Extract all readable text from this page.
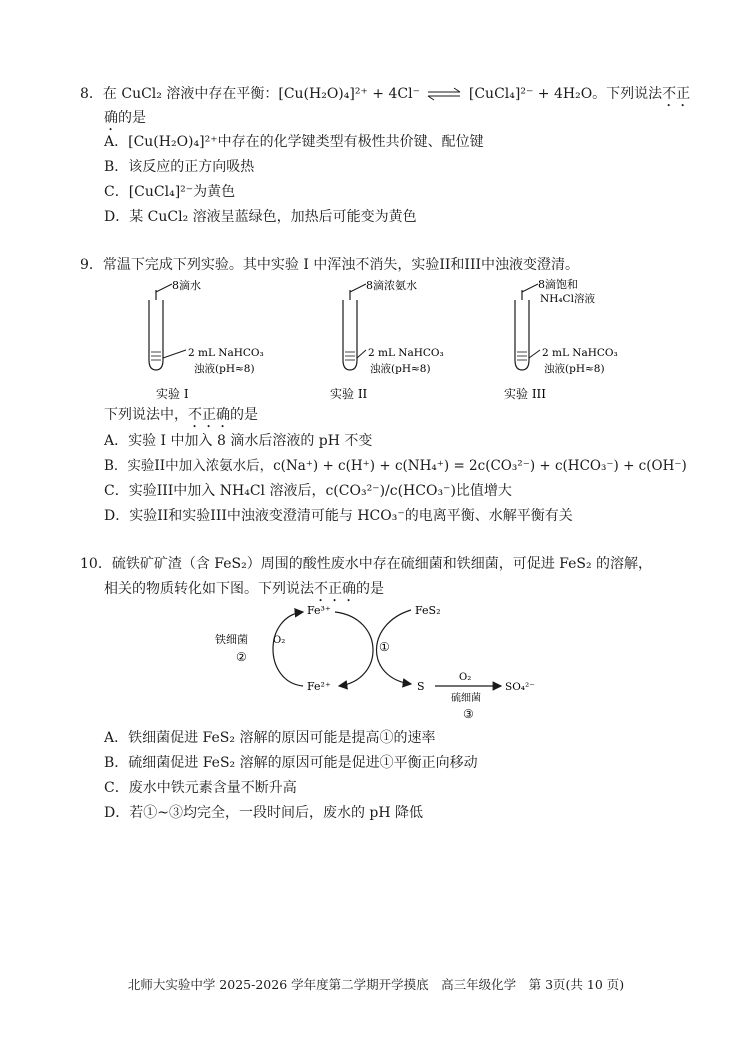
8．在 CuCl₂ 溶液中存在平衡：[Cu(H₂O)₄]²⁺ + 4Cl⁻ ⇌ [CuCl₄]²⁻ + 4H₂O。下列说法不正
确的是
A．[Cu(H₂O)₄]²⁺中存在的化学键类型有极性共价键、配位键
B．该反应的正方向吸热
C．[CuCl₄]²⁻为黄色
D．某 CuCl₂ 溶液呈蓝绿色，加热后可能变为黄色
9．常温下完成下列实验。其中实验 I 中浑浊不消失，实验II和III中浊液变澄清。
8滴水
2 mL NaHCO₃
浊液(pH≈8)
实验 I
8滴浓氨水
2 mL NaHCO₃
浊液(pH≈8)
实验 II
8滴饱和
NH₄Cl溶液
2 mL NaHCO₃
浊液(pH≈8)
实验 III
下列说法中，不正确的是
A．实验 I 中加入 8 滴水后溶液的 pH 不变
B．实验II中加入浓氨水后，c(Na⁺) + c(H⁺) + c(NH₄⁺) = 2c(CO₃²⁻) + c(HCO₃⁻) + c(OH⁻)
C．实验III中加入 NH₄Cl 溶液后，c(CO₃²⁻)/c(HCO₃⁻)比值增大
D．实验II和实验III中浊液变澄清可能与 HCO₃⁻的电离平衡、水解平衡有关
10．硫铁矿矿渣（含 FeS₂）周围的酸性废水中存在硫细菌和铁细菌，可促进 FeS₂ 的溶解，
相关的物质转化如下图。下列说法不正确的是
Fe³⁺
Fe²⁺
铁细菌	O₂
②
FeS₂
①
S
O₂
硫细菌
③
SO₄²⁻
A．铁细菌促进 FeS₂ 溶解的原因可能是提高①的速率
B．硫细菌促进 FeS₂ 溶解的原因可能是促进①平衡正向移动
C．废水中铁元素含量不断升高
D．若①~③均完全，一段时间后，废水的 pH 降低
北师大实验中学 2025-2026 学年度第二学期开学摸底　高三年级化学　第 3页(共 10 页)
